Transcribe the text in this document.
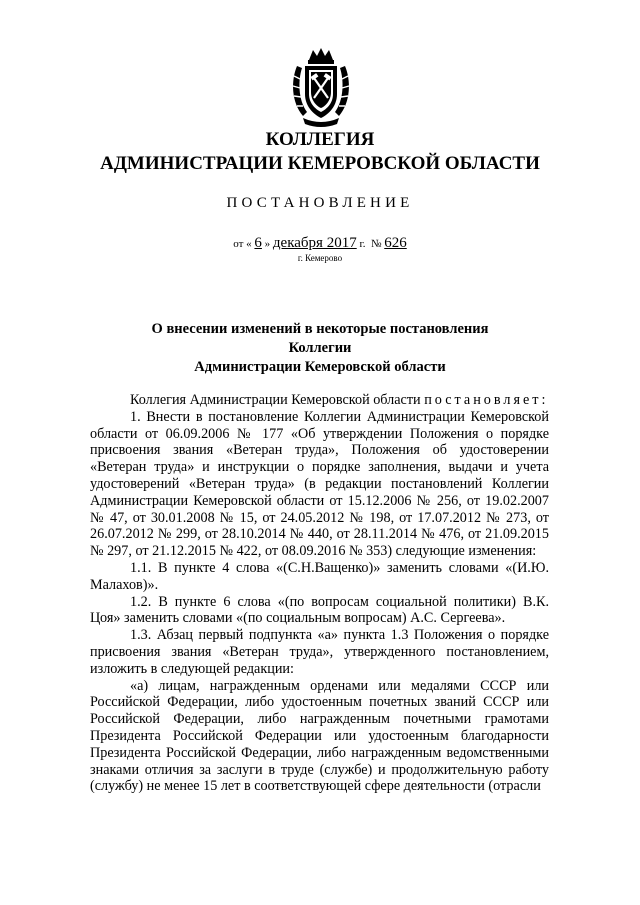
КОЛЛЕГИЯ
АДМИНИСТРАЦИИ КЕМЕРОВСКОЙ ОБЛАСТИ
ПОСТАНОВЛЕНИЕ
от « 6 » декабря 2017 г. № 626
г. Кемерово
О внесении изменений в некоторые постановления Коллегии
Администрации Кемеровской области

Коллегия Администрации Кемеровской области постановляет:

1. Внести в постановление Коллегии Администрации Кемеровской области от 06.09.2006 № 177 «Об утверждении Положения о порядке присвоения звания «Ветеран труда», Положения об удостоверении «Ветеран труда» и инструкции о порядке заполнения, выдачи и учета удостоверений «Ветеран труда» (в редакции постановлений Коллегии Администрации Кемеровской области от 15.12.2006 № 256, от 19.02.2007 № 47, от 30.01.2008 № 15, от 24.05.2012 № 198, от 17.07.2012 № 273, от 26.07.2012 № 299, от 28.10.2014 № 440, от 28.11.2014 № 476, от 21.09.2015 № 297, от 21.12.2015 № 422, от 08.09.2016 № 353) следующие изменения:

1.1. В пункте 4 слова «(С.Н.Ващенко)» заменить словами «(И.Ю. Малахов)».

1.2. В пункте 6 слова «(по вопросам социальной политики) В.К. Цоя» заменить словами «(по социальным вопросам) А.С. Сергеева».

1.3. Абзац первый подпункта «а» пункта 1.3 Положения о порядке присвоения звания «Ветеран труда», утвержденного постановлением, изложить в следующей редакции:

«а) лицам, награжденным орденами или медалями СССР или Российской Федерации, либо удостоенным почетных званий СССР или Российской Федерации, либо награжденным почетными грамотами Президента Российской Федерации или удостоенным благодарности Президента Российской Федерации, либо награжденным ведомственными знаками отличия за заслуги в труде (службе) и продолжительную работу (службу) не менее 15 лет в соответствующей сфере деятельности (отрасли
